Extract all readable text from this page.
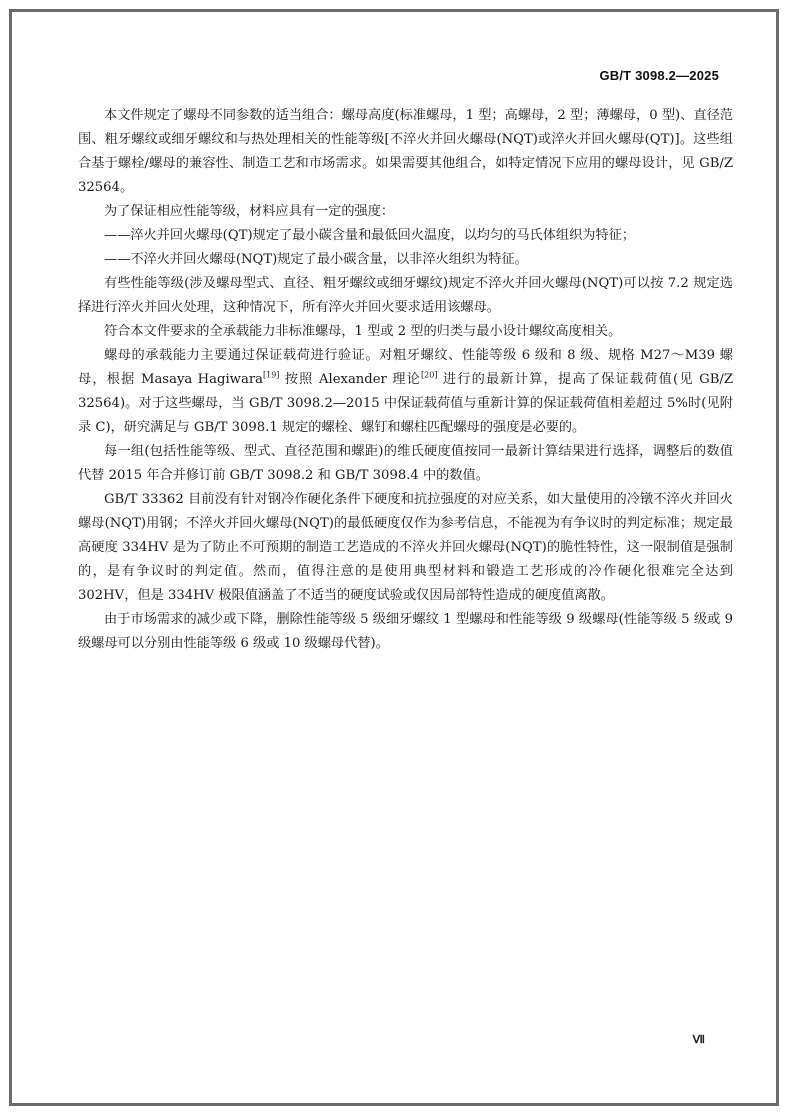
GB/T 3098.2—2025

本文件规定了螺母不同参数的适当组合：螺母高度(标准螺母，1 型；高螺母，2 型；薄螺母，0 型)、直径范围、粗牙螺纹或细牙螺纹和与热处理相关的性能等级[不淬火并回火螺母(NQT)或淬火并回火螺母(QT)]。这些组合基于螺栓/螺母的兼容性、制造工艺和市场需求。如果需要其他组合，如特定情况下应用的螺母设计，见 GB/Z 32564。

为了保证相应性能等级，材料应具有一定的强度：

——淬火并回火螺母(QT)规定了最小碳含量和最低回火温度，以均匀的马氏体组织为特征；

——不淬火并回火螺母(NQT)规定了最小碳含量，以非淬火组织为特征。

有些性能等级(涉及螺母型式、直径、粗牙螺纹或细牙螺纹)规定不淬火并回火螺母(NQT)可以按 7.2 规定选择进行淬火并回火处理，这种情况下，所有淬火并回火要求适用该螺母。

符合本文件要求的全承载能力非标准螺母，1 型或 2 型的归类与最小设计螺纹高度相关。

螺母的承载能力主要通过保证载荷进行验证。对粗牙螺纹、性能等级 6 级和 8 级、规格 M27～M39 螺母，根据 Masaya Hagiwara[19] 按照 Alexander 理论[20] 进行的最新计算，提高了保证载荷值(见 GB/Z 32564)。对于这些螺母，当 GB/T 3098.2—2015 中保证载荷值与重新计算的保证载荷值相差超过 5%时(见附录 C)，研究满足与 GB/T 3098.1 规定的螺栓、螺钉和螺柱匹配螺母的强度是必要的。

每一组(包括性能等级、型式、直径范围和螺距)的维氏硬度值按同一最新计算结果进行选择，调整后的数值代替 2015 年合并修订前 GB/T 3098.2 和 GB/T 3098.4 中的数值。

GB/T 33362 目前没有针对钢冷作硬化条件下硬度和抗拉强度的对应关系，如大量使用的冷镦不淬火并回火螺母(NQT)用钢；不淬火并回火螺母(NQT)的最低硬度仅作为参考信息，不能视为有争议时的判定标准；规定最高硬度 334HV 是为了防止不可预期的制造工艺造成的不淬火并回火螺母(NQT)的脆性特性，这一限制值是强制的，是有争议时的判定值。然而，值得注意的是使用典型材料和锻造工艺形成的冷作硬化很难完全达到 302HV，但是 334HV 极限值涵盖了不适当的硬度试验或仅因局部特性造成的硬度值离散。

由于市场需求的减少或下降，删除性能等级 5 级细牙螺纹 1 型螺母和性能等级 9 级螺母(性能等级 5 级或 9 级螺母可以分别由性能等级 6 级或 10 级螺母代替)。

Ⅶ
